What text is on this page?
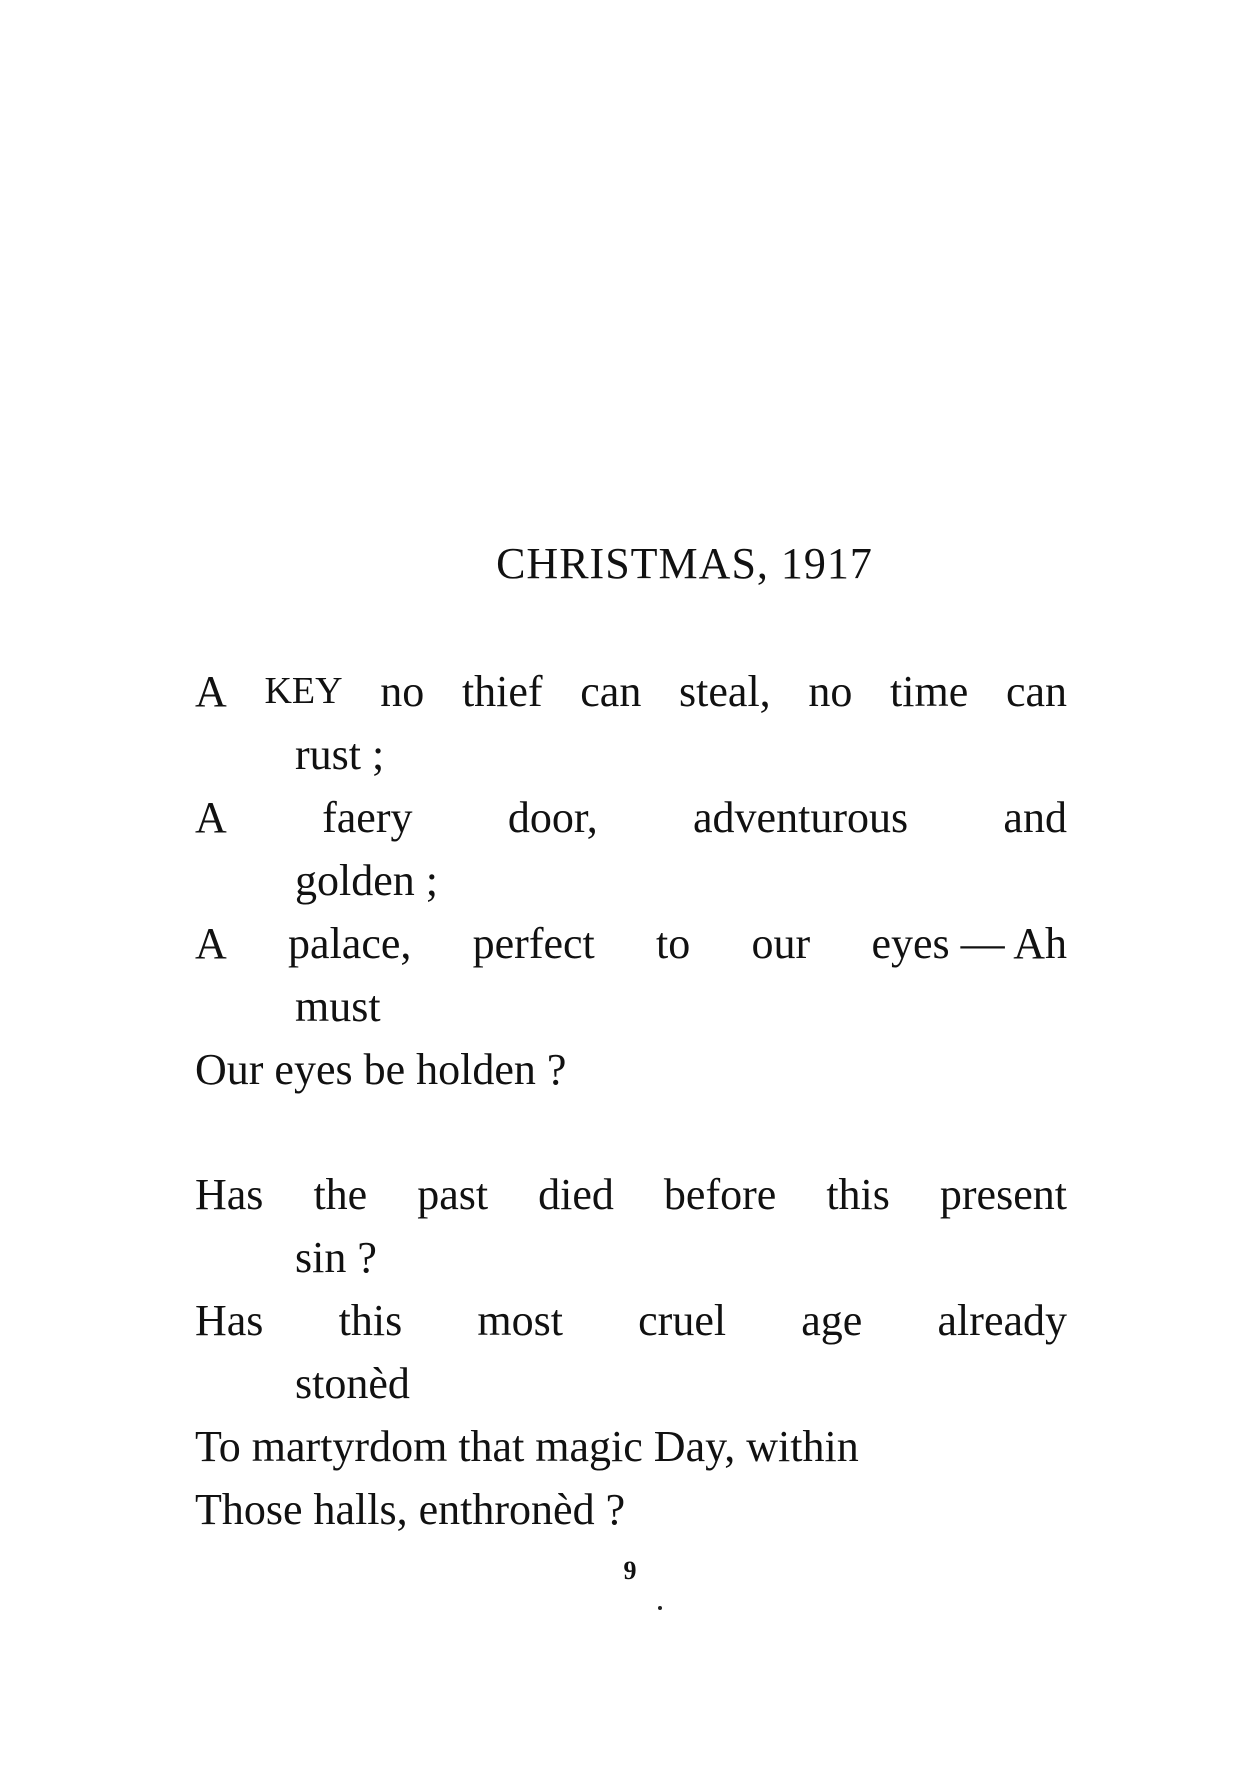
CHRISTMAS, 1917
A KEY no thief can steal, no time can
rust ;
A faery door, adventurous and
golden ;
A palace, perfect to our eyes — Ah
must
Our eyes be holden ?
Has the past died before this present
sin ?
Has this most cruel age already
stonèd
To martyrdom that magic Day, within
Those halls, enthronèd ?
9
